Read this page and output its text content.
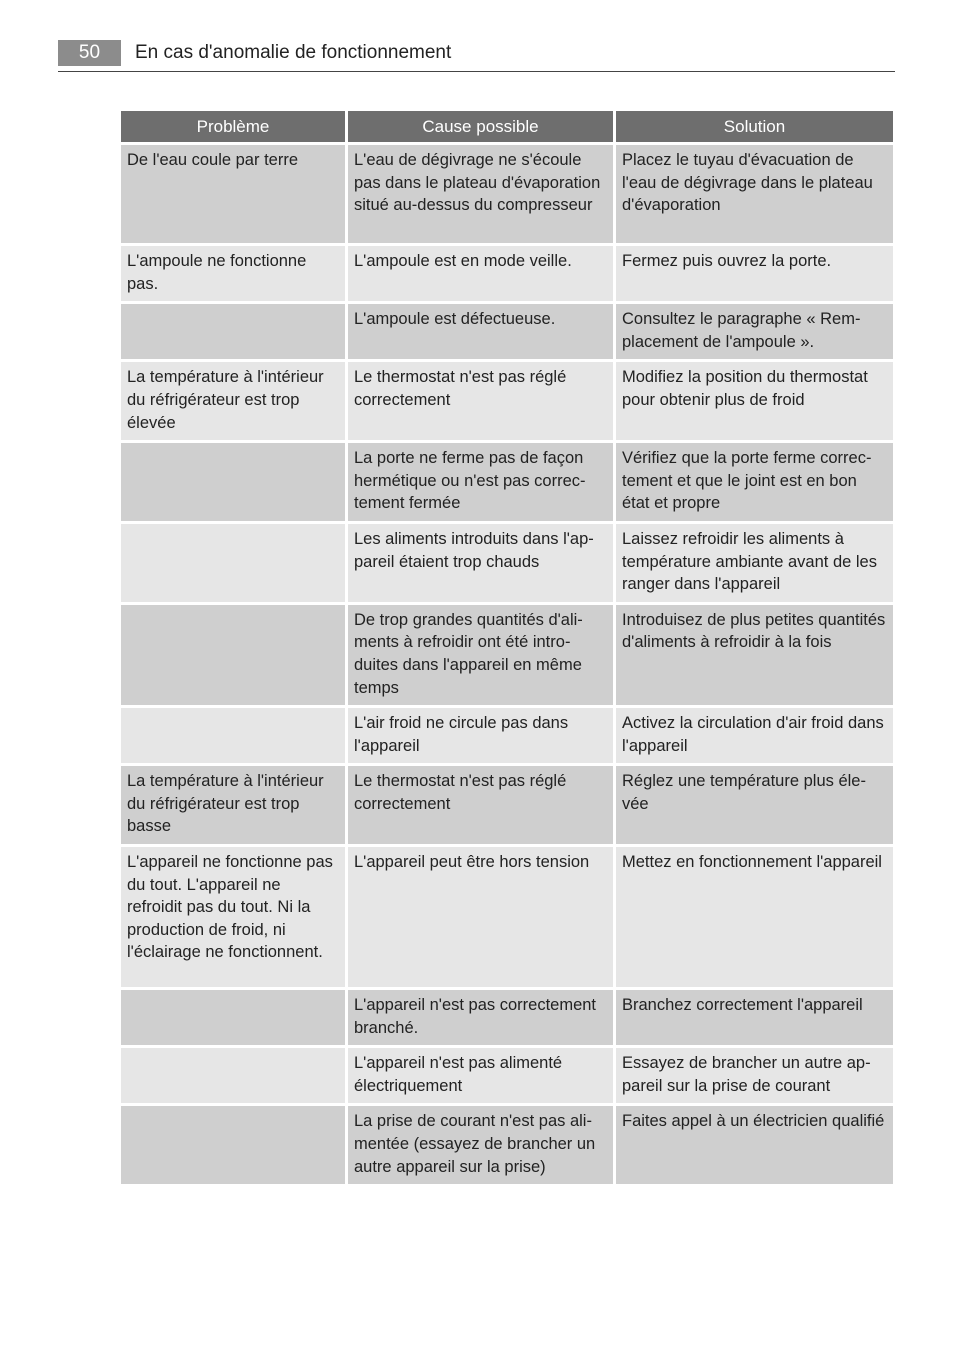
50	En cas d'anomalie de fonctionnement
Problème	Cause possible	Solution
De l'eau coule par terre	L'eau de dégivrage ne s'écoule pas dans le plateau d'évaporation situé au-dessus du compresseur	Placez le tuyau d'évacuation de l'eau de dégivrage dans le plateau d'évaporation
L'ampoule ne fonctionne pas.	L'ampoule est en mode veille.	Fermez puis ouvrez la porte.
	L'ampoule est défectueuse.	Consultez le paragraphe « Remplacement de l'ampoule ».
La température à l'intérieur du réfrigérateur est trop élevée	Le thermostat n'est pas réglé correctement	Modifiez la position du thermostat pour obtenir plus de froid
	La porte ne ferme pas de façon hermétique ou n'est pas correctement fermée	Vérifiez que la porte ferme correctement et que le joint est en bon état et propre
	Les aliments introduits dans l'appareil étaient trop chauds	Laissez refroidir les aliments à température ambiante avant de les ranger dans l'appareil
	De trop grandes quantités d'aliments à refroidir ont été introduites dans l'appareil en même temps	Introduisez de plus petites quantités d'aliments à refroidir à la fois
	L'air froid ne circule pas dans l'appareil	Activez la circulation d'air froid dans l'appareil
La température à l'intérieur du réfrigérateur est trop basse	Le thermostat n'est pas réglé correctement	Réglez une température plus élevée
L'appareil ne fonctionne pas du tout. L'appareil ne refroidit pas du tout. Ni la production de froid, ni l'éclairage ne fonctionnent.	L'appareil peut être hors tension	Mettez en fonctionnement l'appareil
	L'appareil n'est pas correctement branché.	Branchez correctement l'appareil
	L'appareil n'est pas alimenté électriquement	Essayez de brancher un autre appareil sur la prise de courant
	La prise de courant n'est pas alimentée (essayez de brancher un autre appareil sur la prise)	Faites appel à un électricien qualifié
